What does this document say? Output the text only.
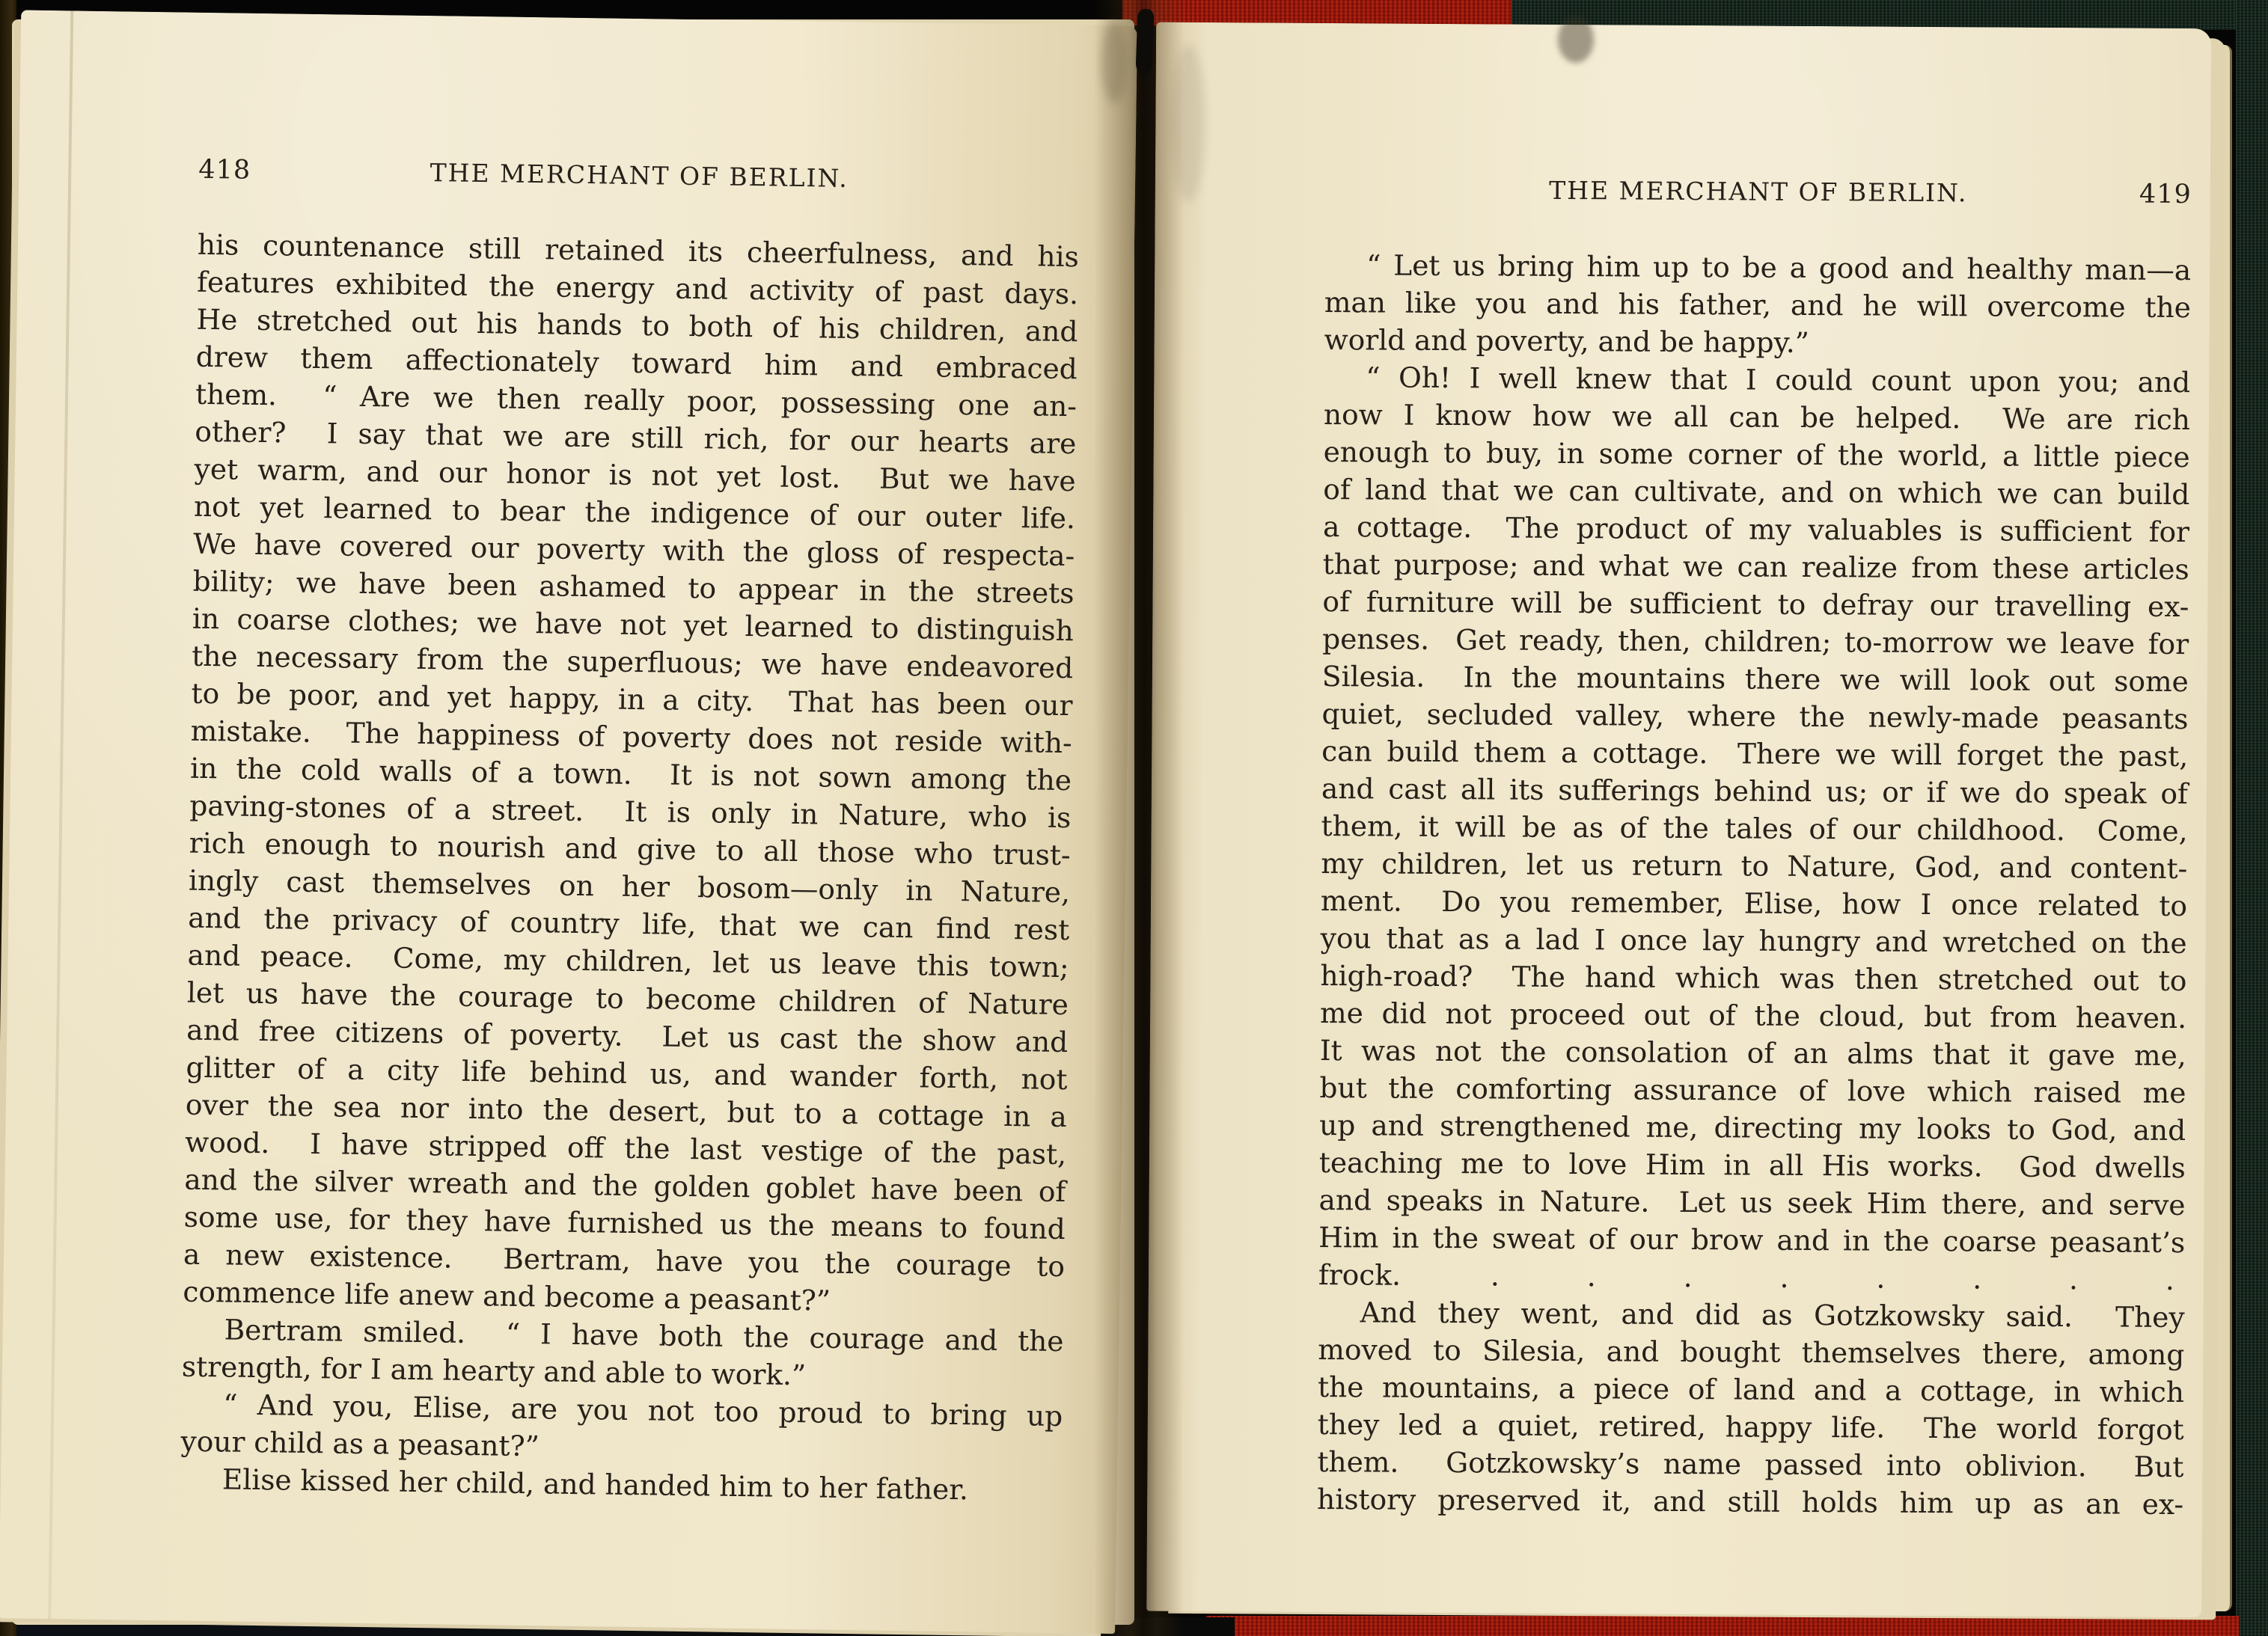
418	THE MERCHANT OF BERLIN.
his countenance still retained its cheerfulness, and his
features exhibited the energy and activity of past days.
He stretched out his hands to both of his children, and
drew them affectionately toward him and embraced
them.  “ Are we then really poor, possessing one an-
other?  I say that we are still rich, for our hearts are
yet warm, and our honor is not yet lost.  But we have
not yet learned to bear the indigence of our outer life.
We have covered our poverty with the gloss of respecta-
bility; we have been ashamed to appear in the streets
in coarse clothes; we have not yet learned to distinguish
the necessary from the superfluous; we have endeavored
to be poor, and yet happy, in a city.  That has been our
mistake.  The happiness of poverty does not reside with-
in the cold walls of a town.  It is not sown among the
paving-stones of a street.  It is only in Nature, who is
rich enough to nourish and give to all those who trust-
ingly cast themselves on her bosom—only in Nature,
and the privacy of country life, that we can find rest
and peace.  Come, my children, let us leave this town;
let us have the courage to become children of Nature
and free citizens of poverty.  Let us cast the show and
glitter of a city life behind us, and wander forth, not
over the sea nor into the desert, but to a cottage in a
wood.  I have stripped off the last vestige of the past,
and the silver wreath and the golden goblet have been of
some use, for they have furnished us the means to found
a new existence.  Bertram, have you the courage to
commence life anew and become a peasant?”
Bertram smiled.  “ I have both the courage and the
strength, for I am hearty and able to work.”
“ And you, Elise, are you not too proud to bring up
your child as a peasant?”
Elise kissed her child, and handed him to her father.
THE MERCHANT OF BERLIN.	419
“ Let us bring him up to be a good and healthy man—a
man like you and his father, and he will overcome the
world and poverty, and be happy.”
“ Oh! I well knew that I could count upon you; and
now I know how we all can be helped.  We are rich
enough to buy, in some corner of the world, a little piece
of land that we can cultivate, and on which we can build
a cottage.  The product of my valuables is sufficient for
that purpose; and what we can realize from these articles
of furniture will be sufficient to defray our travelling ex-
penses.  Get ready, then, children; to-morrow we leave for
Silesia.  In the mountains there we will look out some
quiet, secluded valley, where the newly-made peasants
can build them a cottage.  There we will forget the past,
and cast all its sufferings behind us; or if we do speak of
them, it will be as of the tales of our childhood.  Come,
my children, let us return to Nature, God, and content-
ment.  Do you remember, Elise, how I once related to
you that as a lad I once lay hungry and wretched on the
high-road?  The hand which was then stretched out to
me did not proceed out of the cloud, but from heaven.
It was not the consolation of an alms that it gave me,
but the comforting assurance of love which raised me
up and strengthened me, directing my looks to God, and
teaching me to love Him in all His works.  God dwells
and speaks in Nature.  Let us seek Him there, and serve
Him in the sweat of our brow and in the coarse peasant’s
frock.	.	.	.	.	.	.	.	.
And they went, and did as Gotzkowsky said.  They
moved to Silesia, and bought themselves there, among
the mountains, a piece of land and a cottage, in which
they led a quiet, retired, happy life.  The world forgot
them.  Gotzkowsky’s name passed into oblivion.  But
history preserved it, and still holds him up as an ex-
